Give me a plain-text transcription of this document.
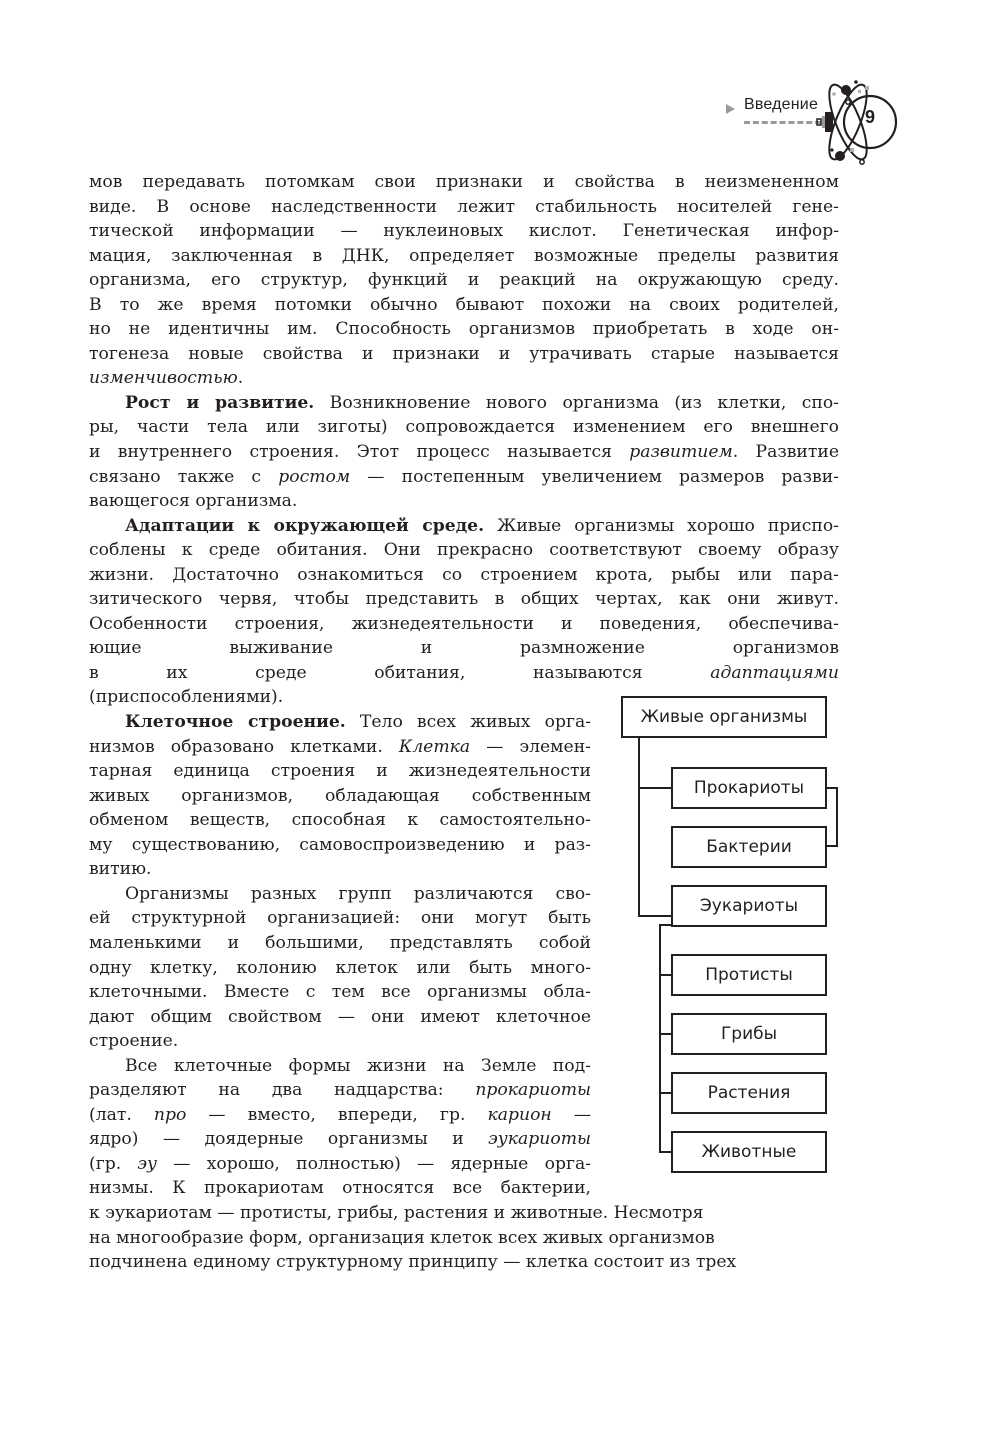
Введение
9
мов передавать потомкам свои признаки и свойства в неизмененном
виде. В основе наследственности лежит стабильность носителей гене-
тической информации — нуклеиновых кислот. Генетическая инфор-
мация, заключенная в ДНК, определяет возможные пределы развития
организма, его структур, функций и реакций на окружающую среду.
В то же время потомки обычно бывают похожи на своих родителей,
но не идентичны им. Способность организмов приобретать в ходе он-
тогенеза новые свойства и признаки и утрачивать старые называется
изменчивостью.
Рост и развитие. Возникновение нового организма (из клетки, спо-
ры, части тела или зиготы) сопровождается изменением его внешнего
и внутреннего строения. Этот процесс называется развитием. Развитие
связано также с ростом — постепенным увеличением размеров разви-
вающегося организма.
Адаптации к окружающей среде. Живые организмы хорошо приспо-
соблены к среде обитания. Они прекрасно соответствуют своему образу
жизни. Достаточно ознакомиться со строением крота, рыбы или пара-
зитического червя, чтобы представить в общих чертах, как они живут.
Особенности строения, жизнедеятельности и поведения, обеспечива-
ющие выживание и размножение организмов
в их среде обитания, называются адаптациями
(приспособлениями).
Клеточное строение. Тело всех живых орга-
низмов образовано клетками. Клетка — элемен-
тарная единица строения и жизнедеятельности
живых организмов, обладающая собственным
обменом веществ, способная к самостоятельно-
му существованию, самовоспроизведению и раз-
витию.
Организмы разных групп различаются сво-
ей структурной организацией: они могут быть
маленькими и большими, представлять собой
одну клетку, колонию клеток или быть много-
клеточными. Вместе с тем все организмы обла-
дают общим свойством — они имеют клеточное
строение.
Все клеточные формы жизни на Земле под-
разделяют на два надцарства: прокариоты
(лат. про — вместо, впереди, гр. карион —
ядро) — доядерные организмы и эукариоты
(гр. эу — хорошо, полностью) — ядерные орга-
низмы. К прокариотам относятся все бактерии,
к эукариотам — протисты, грибы, растения и животные. Несмотря
на многообразие форм, организация клеток всех живых организмов
подчинена единому структурному принципу — клетка состоит из трех
Живые организмы
Прокариоты
Бактерии
Эукариоты
Протисты
Грибы
Растения
Животные
